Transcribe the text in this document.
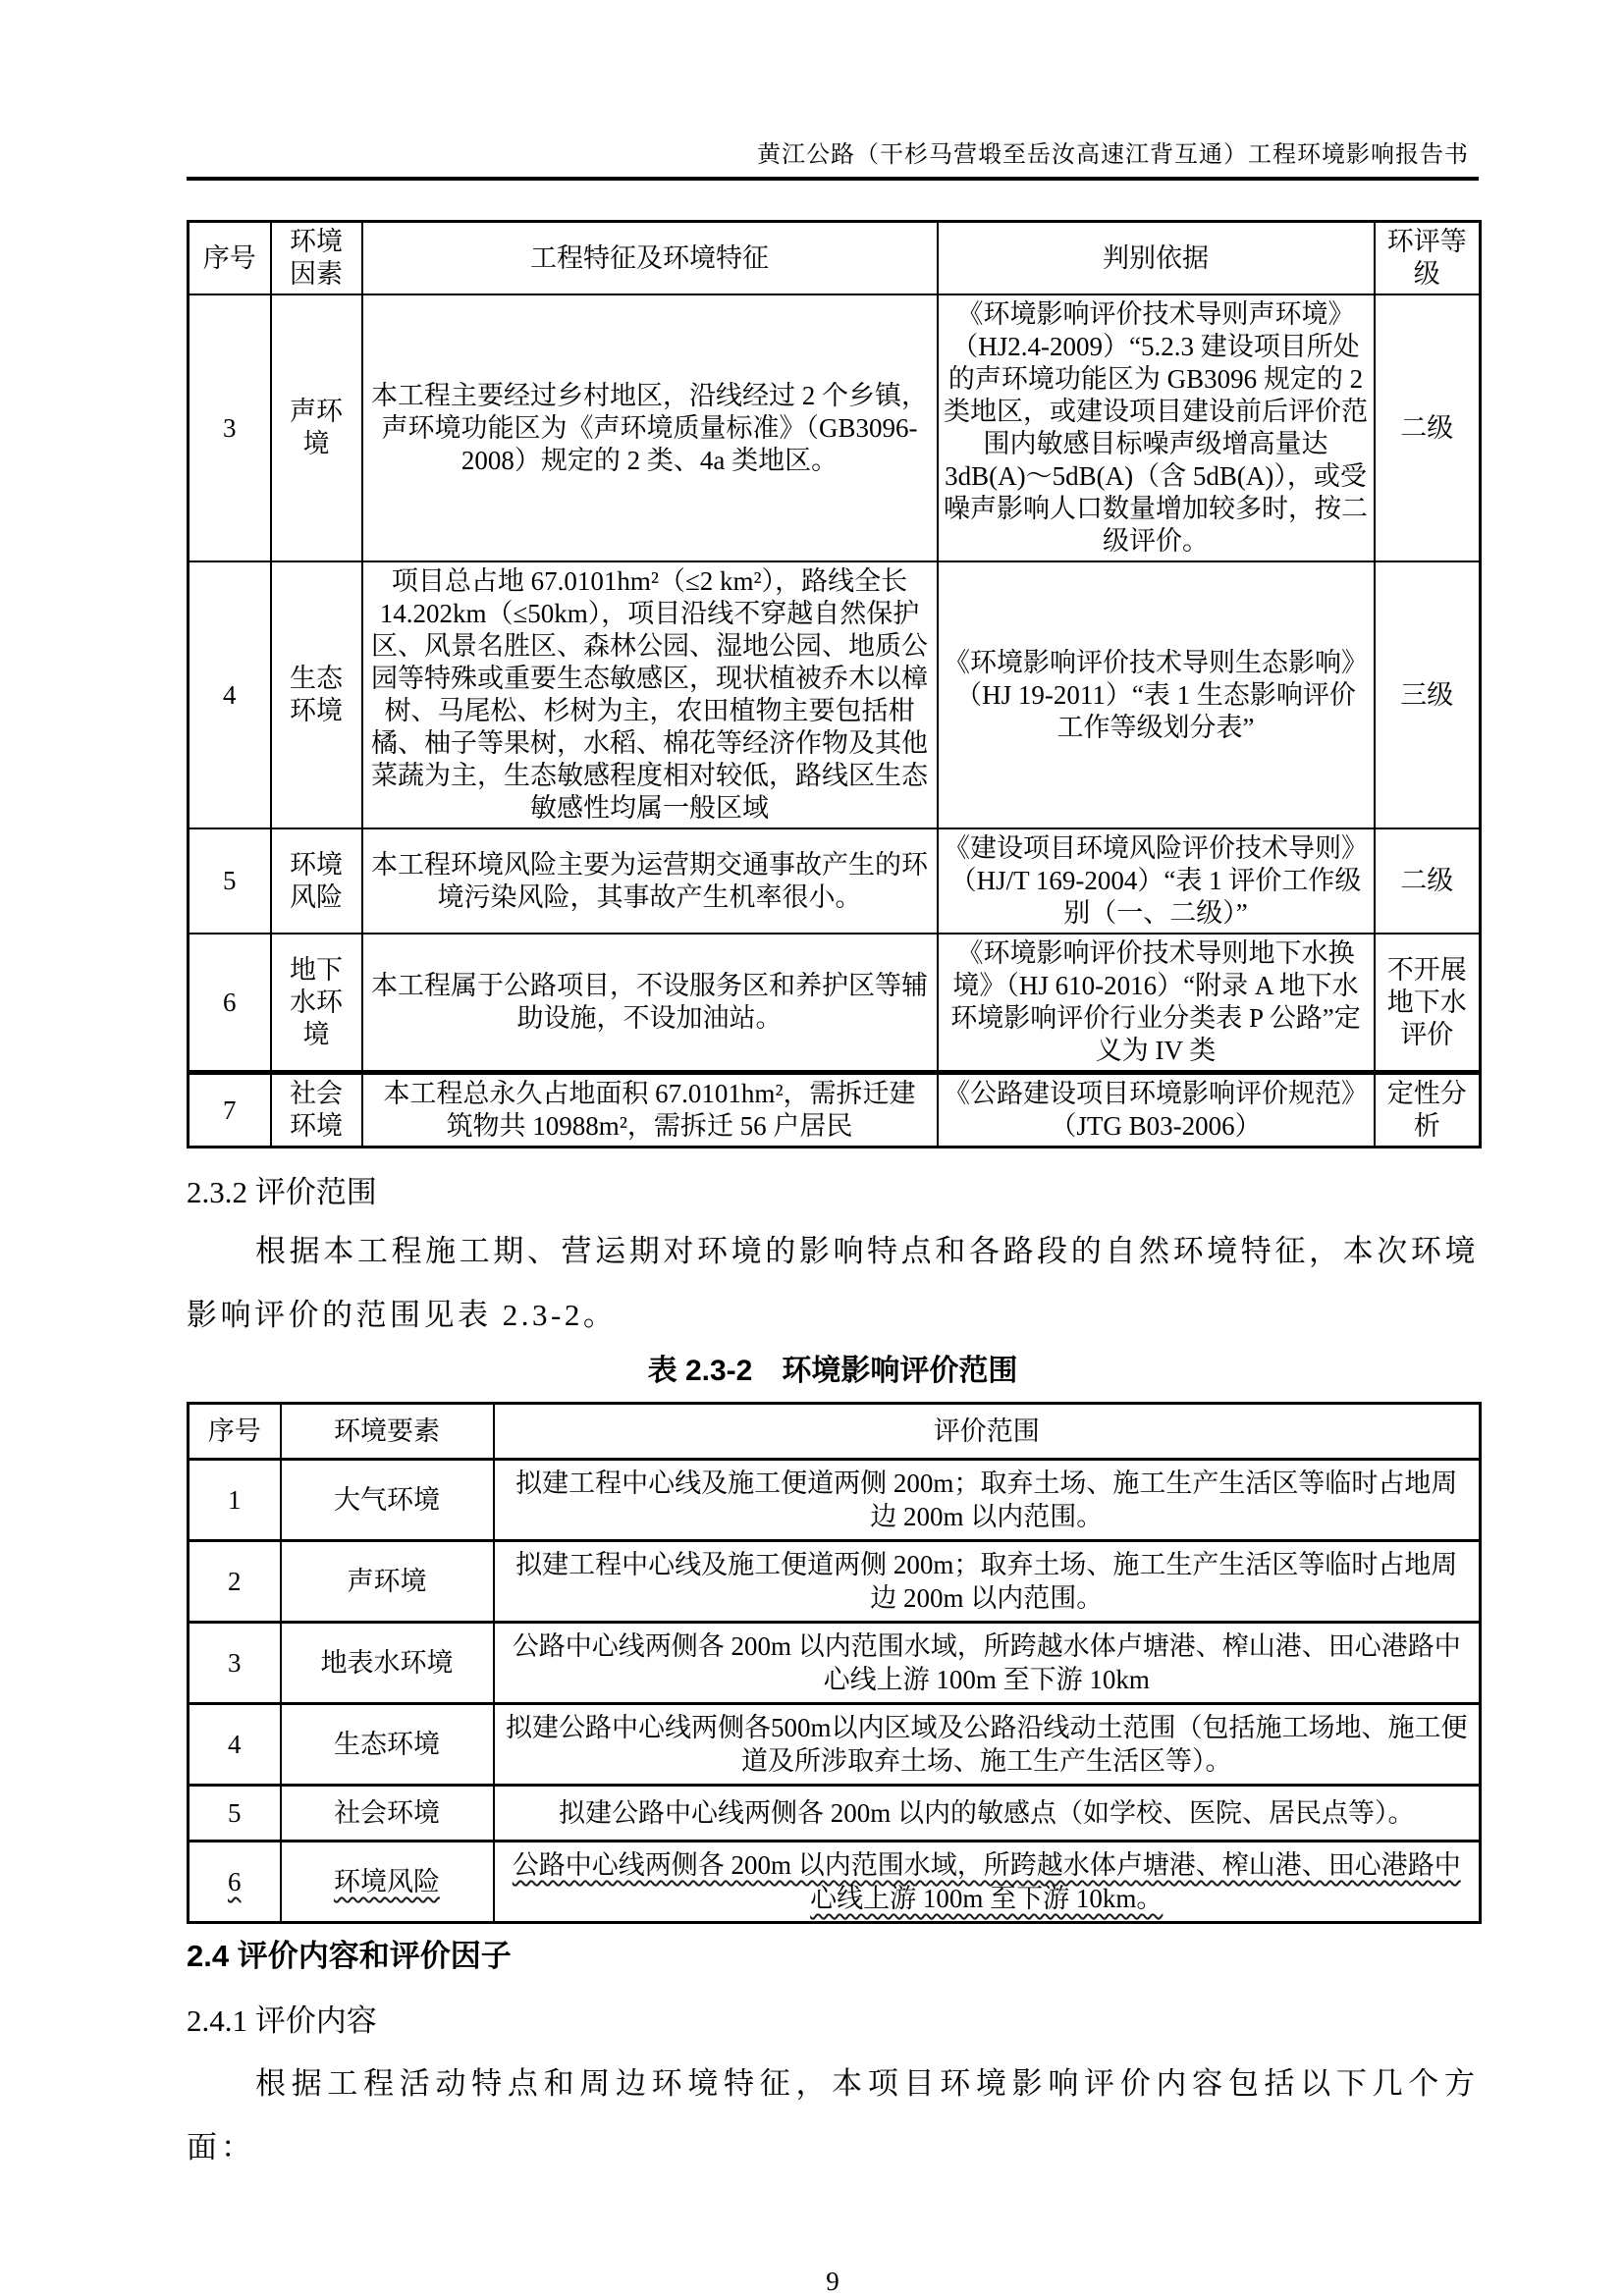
黄江公路（干杉马营塅至岳汝高速江背互通）工程环境影响报告书
序号	环境因素	工程特征及环境特征	判别依据	环评等级
3	声环境	本工程主要经过乡村地区，沿线经过 2 个乡镇，声环境功能区为《声环境质量标准》（GB3096-2008）规定的 2 类、4a 类地区。	《环境影响评价技术导则声环境》（HJ2.4-2009）“5.2.3 建设项目所处的声环境功能区为 GB3096 规定的 2 类地区，或建设项目建设前后评价范围内敏感目标噪声级增高量达 3dB(A)～5dB(A)（含 5dB(A)），或受噪声影响人口数量增加较多时，按二级评价。	二级
4	生态环境	项目总占地 67.0101hm²（≤2 km²），路线全长 14.202km（≤50km），项目沿线不穿越自然保护区、风景名胜区、森林公园、湿地公园、地质公园等特殊或重要生态敏感区，现状植被乔木以樟树、马尾松、杉树为主，农田植物主要包括柑橘、柚子等果树，水稻、棉花等经济作物及其他菜蔬为主，生态敏感程度相对较低，路线区生态敏感性均属一般区域	《环境影响评价技术导则生态影响》（HJ 19-2011）“表 1 生态影响评价工作等级划分表”	三级
5	环境风险	本工程环境风险主要为运营期交通事故产生的环境污染风险，其事故产生机率很小。	《建设项目环境风险评价技术导则》（HJ/T 169-2004）“表 1 评价工作级别（一、二级）”	二级
6	地下水环境	本工程属于公路项目，不设服务区和养护区等辅助设施，不设加油站。	《环境影响评价技术导则地下水换境》（HJ 610-2016）“附录 A 地下水环境影响评价行业分类表 P 公路”定义为 IV 类	不开展地下水评价
7	社会环境	本工程总永久占地面积 67.0101hm²，需拆迁建筑物共 10988m²，需拆迁 56 户居民	《公路建设项目环境影响评价规范》（JTG B03-2006）	定性分析
2.3.2 评价范围

根据本工程施工期、营运期对环境的影响特点和各路段的自然环境特征，本次环境影响评价的范围见表 2.3-2。

表 2.3-2　环境影响评价范围
序号	环境要素	评价范围
1	大气环境	拟建工程中心线及施工便道两侧 200m；取弃土场、施工生产生活区等临时占地周边 200m 以内范围。
2	声环境	拟建工程中心线及施工便道两侧 200m；取弃土场、施工生产生活区等临时占地周边 200m 以内范围。
3	地表水环境	公路中心线两侧各 200m 以内范围水域，所跨越水体卢塘港、榨山港、田心港路中心线上游 100m 至下游 10km
4	生态环境	拟建公路中心线两侧各500m以内区域及公路沿线动土范围（包括施工场地、施工便道及所涉取弃土场、施工生产生活区等）。
5	社会环境	拟建公路中心线两侧各 200m 以内的敏感点（如学校、医院、居民点等）。
6	环境风险	公路中心线两侧各 200m 以内范围水域，所跨越水体卢塘港、榨山港、田心港路中心线上游 100m 至下游 10km。
2.4 评价内容和评价因子
2.4.1 评价内容

根据工程活动特点和周边环境特征，本项目环境影响评价内容包括以下几个方面：

9
